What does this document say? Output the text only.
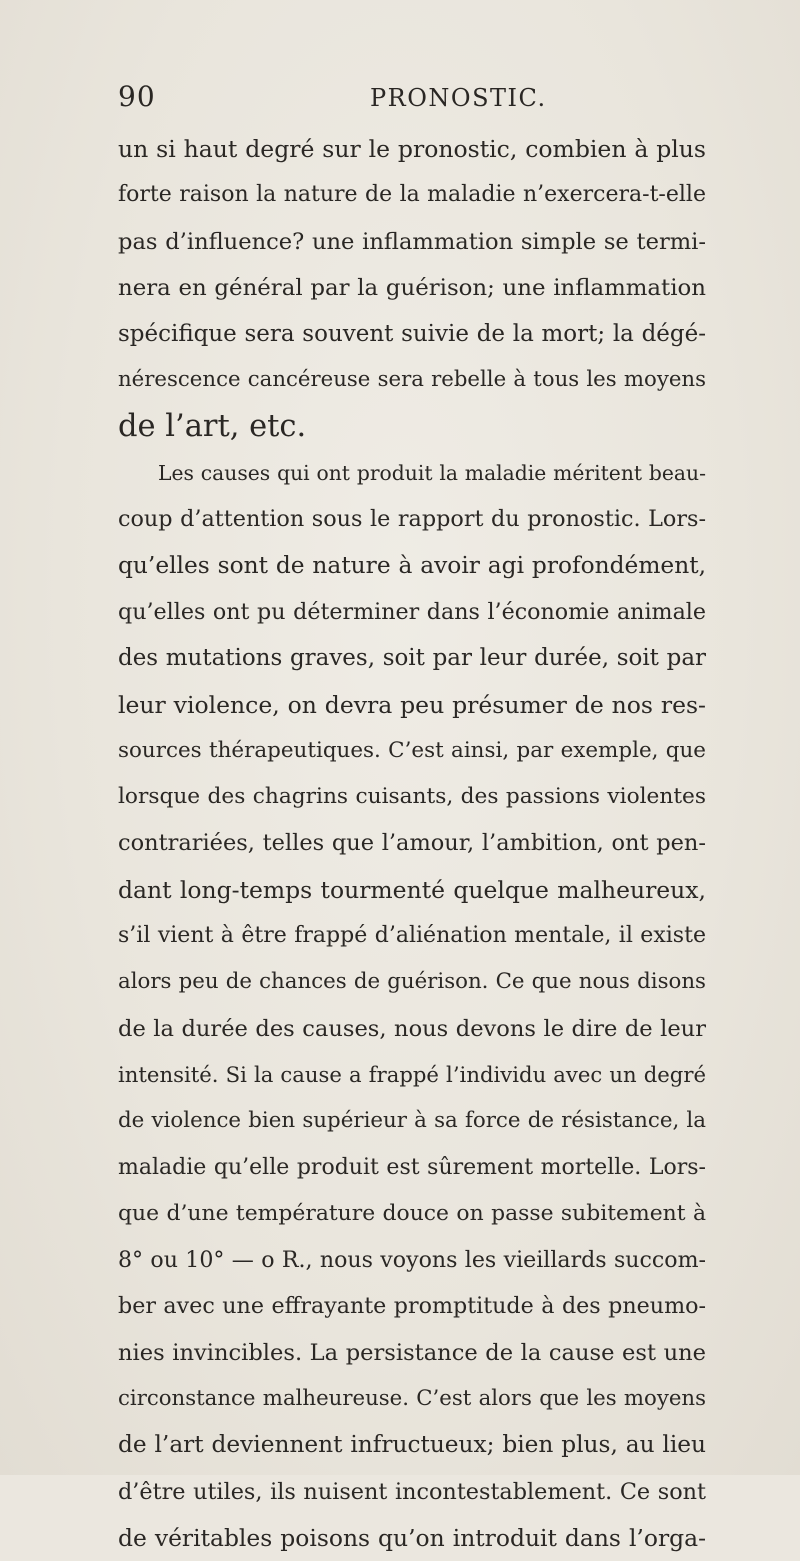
90	PRONOSTIC.
un si haut degré sur le pronostic, combien à plus
forte raison la nature de la maladie n’exercera-t-elle
pas d’influence? une inflammation simple se termi-
nera en général par la guérison; une inflammation
spécifique sera souvent suivie de la mort; la dégé-
nérescence cancéreuse sera rebelle à tous les moyens
de l’art, etc.
Les causes qui ont produit la maladie méritent beau-
coup d’attention sous le rapport du pronostic. Lors-
qu’elles sont de nature à avoir agi profondément,
qu’elles ont pu déterminer dans l’économie animale
des mutations graves, soit par leur durée, soit par
leur violence, on devra peu présumer de nos res-
sources thérapeutiques. C’est ainsi, par exemple, que
lorsque des chagrins cuisants, des passions violentes
contrariées, telles que l’amour, l’ambition, ont pen-
dant long-temps tourmenté quelque malheureux,
s’il vient à être frappé d’aliénation mentale, il existe
alors peu de chances de guérison. Ce que nous disons
de la durée des causes, nous devons le dire de leur
intensité. Si la cause a frappé l’individu avec un degré
de violence bien supérieur à sa force de résistance, la
maladie qu’elle produit est sûrement mortelle. Lors-
que d’une température douce on passe subitement à
8° ou 10° — o R., nous voyons les vieillards succom-
ber avec une effrayante promptitude à des pneumo-
nies invincibles. La persistance de la cause est une
circonstance malheureuse. C’est alors que les moyens
de l’art deviennent infructueux; bien plus, au lieu
d’être utiles, ils nuisent incontestablement. Ce sont
de véritables poisons qu’on introduit dans l’orga-
